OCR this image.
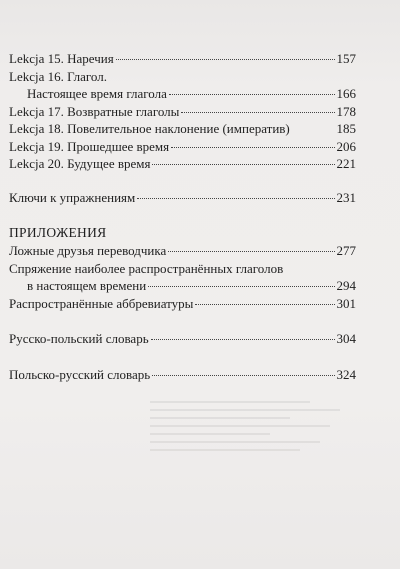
Lekcja 15. Наречия	157
Lekcja 16. Глагол.
Настоящее время глагола	166
Lekcja 17. Возвратные глаголы	178
Lekcja 18. Повелительное наклонение (императив)	185
Lekcja 19. Прошедшее время	206
Lekcja 20. Будущее время	221
Ключи к упражнениям	231
ПРИЛОЖЕНИЯ
Ложные друзья переводчика	277
Спряжение наиболее распространённых глаголов
в настоящем времени	294
Распространённые аббревиатуры	301
Русско-польский словарь	304
Польско-русский словарь	324
